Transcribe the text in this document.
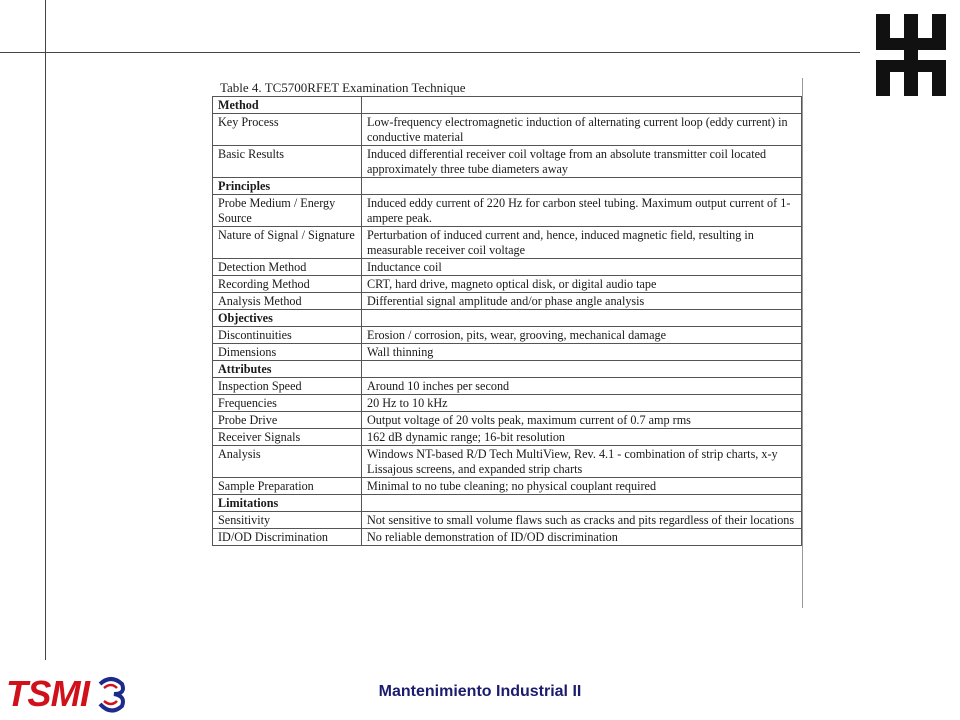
Table 4. TC5700RFET Examination Technique
Method	
Key Process	Low-frequency electromagnetic induction of alternating current loop (eddy current) in conductive material
Basic Results	Induced differential receiver coil voltage from an absolute transmitter coil located approximately three tube diameters away
Principles	
Probe Medium / Energy Source	Induced eddy current of 220 Hz for carbon steel tubing. Maximum output current of 1-ampere peak.
Nature of Signal / Signature	Perturbation of induced current and, hence, induced magnetic field, resulting in measurable receiver coil voltage
Detection Method	Inductance coil
Recording Method	CRT, hard drive, magneto optical disk, or digital audio tape
Analysis Method	Differential signal amplitude and/or phase angle analysis
Objectives	
Discontinuities	Erosion / corrosion, pits, wear, grooving, mechanical damage
Dimensions	Wall thinning
Attributes	
Inspection Speed	Around 10 inches per second
Frequencies	20 Hz to 10 kHz
Probe Drive	Output voltage of 20 volts peak, maximum current of 0.7 amp rms
Receiver Signals	162 dB dynamic range; 16-bit resolution
Analysis	Windows NT-based R/D Tech MultiView, Rev. 4.1 - combination of strip charts, x-y Lissajous screens, and expanded strip charts
Sample Preparation	Minimal to no tube cleaning; no physical couplant required
Limitations	
Sensitivity	Not sensitive to small volume flaws such as cracks and pits regardless of their locations
ID/OD Discrimination	No reliable demonstration of ID/OD discrimination
TSMI	Mantenimiento Industrial II
